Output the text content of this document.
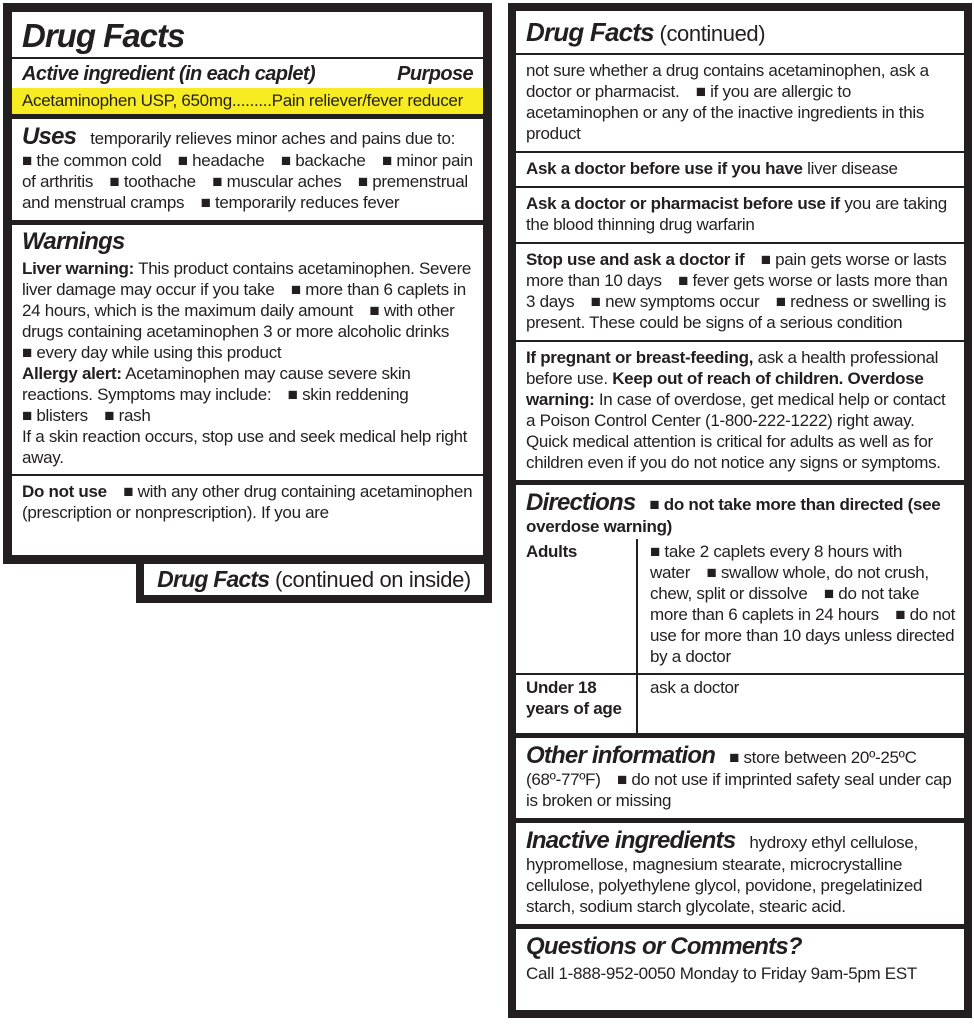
Drug Facts
Active ingredient (in each caplet)	Purpose
Acetaminophen USP, 650mg.........Pain reliever/fever reducer
Uses temporarily relieves minor aches and pains due to:  ■ the common cold  ■ headache  ■ backache  ■ minor pain of arthritis  ■ toothache  ■ muscular aches  ■ premenstrual and menstrual cramps  ■ temporarily reduces fever
Warnings

Liver warning: This product contains acetaminophen. Severe liver damage may occur if you take  ■ more than 6 caplets in 24 hours, which is the maximum daily amount  ■ with other drugs containing acetaminophen 3 or more alcoholic drinks  ■ every day while using this product

Allergy alert: Acetaminophen may cause severe skin reactions. Symptoms may include:  ■ skin reddening  ■ blisters  ■ rash

If a skin reaction occurs, stop use and seek medical help right away.

Do not use  ■ with any other drug containing acetaminophen (prescription or nonprescription). If you are
Drug Facts (continued on inside)
Drug Facts (continued)
not sure whether a drug contains acetaminophen, ask a doctor or pharmacist.  ■ if you are allergic to acetaminophen or any of the inactive ingredients in this product
Ask a doctor before use if you have liver disease
Ask a doctor or pharmacist before use if you are taking the blood thinning drug warfarin
Stop use and ask a doctor if  ■ pain gets worse or lasts more than 10 days  ■ fever gets worse or lasts more than 3 days  ■ new symptoms occur  ■ redness or swelling is present. These could be signs of a serious condition
If pregnant or breast-feeding, ask a health professional before use. Keep out of reach of children. Overdose warning: In case of overdose, get medical help or contact a Poison Control Center (1-800-222-1222) right away. Quick medical attention is critical for adults as well as for children even if you do not notice any signs or symptoms.
Directions ■ do not take more than directed (see overdose warning)
Adults	■ take 2 caplets every 8 hours with water  ■ swallow whole, do not crush, chew, split or dissolve  ■ do not take more than 6 caplets in 24 hours  ■ do not use for more than 10 days unless directed by a doctor
Under 18 years of age
ask a doctor
Other information ■ store between 20º-25ºC (68º-77ºF)  ■ do not use if imprinted safety seal under cap is broken or missing
Inactive ingredients hydroxy ethyl cellulose, hypromellose, magnesium stearate, microcrystalline cellulose, polyethylene glycol, povidone, pregelatinized starch, sodium starch glycolate, stearic acid.
Questions or Comments?
Call 1-888-952-0050 Monday to Friday 9am-5pm EST
